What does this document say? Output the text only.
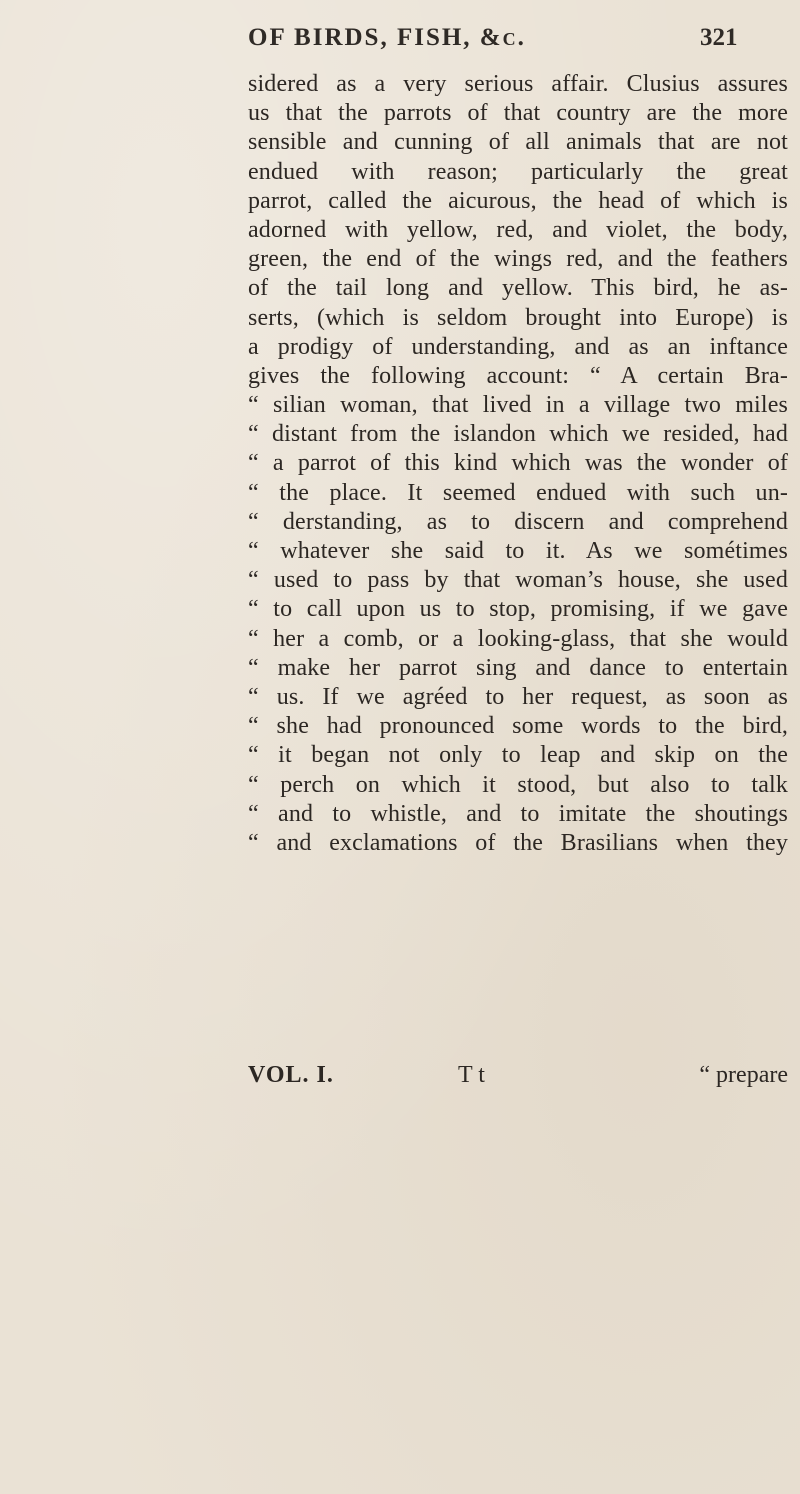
OF BIRDS, FISH, &c.	321
sidered as a very serious affair. Clusius assures
us that the parrots of that country are the more
sensible and cunning of all animals that are not
endued with reason; particularly the great
parrot, called the aicurous, the head of which is
adorned with yellow, red, and violet, the body,
green, the end of the wings red, and the feathers
of the tail long and yellow. This bird, he as-
serts, (which is seldom brought into Europe) is
a prodigy of understanding, and as an inftance
gives the following account: “ A certain Bra-
“ silian woman, that lived in a village two miles
“ distant from the islandon which we resided, had
“ a parrot of this kind which was the wonder of
“ the place. It seemed endued with such un-
“ derstanding, as to discern and comprehend
“ whatever she said to it. As we sométimes
“ used to pass by that woman’s house, she used
“ to call upon us to stop, promising, if we gave
“ her a comb, or a looking-glass, that she would
“ make her parrot sing and dance to entertain
“ us. If we agréed to her request, as soon as
“ she had pronounced some words to the bird,
“ it began not only to leap and skip on the
“ perch on which it stood, but also to talk
“ and to whistle, and to imitate the shoutings
“ and exclamations of the Brasilians when they
VOL. I.	T t	“ prepare
